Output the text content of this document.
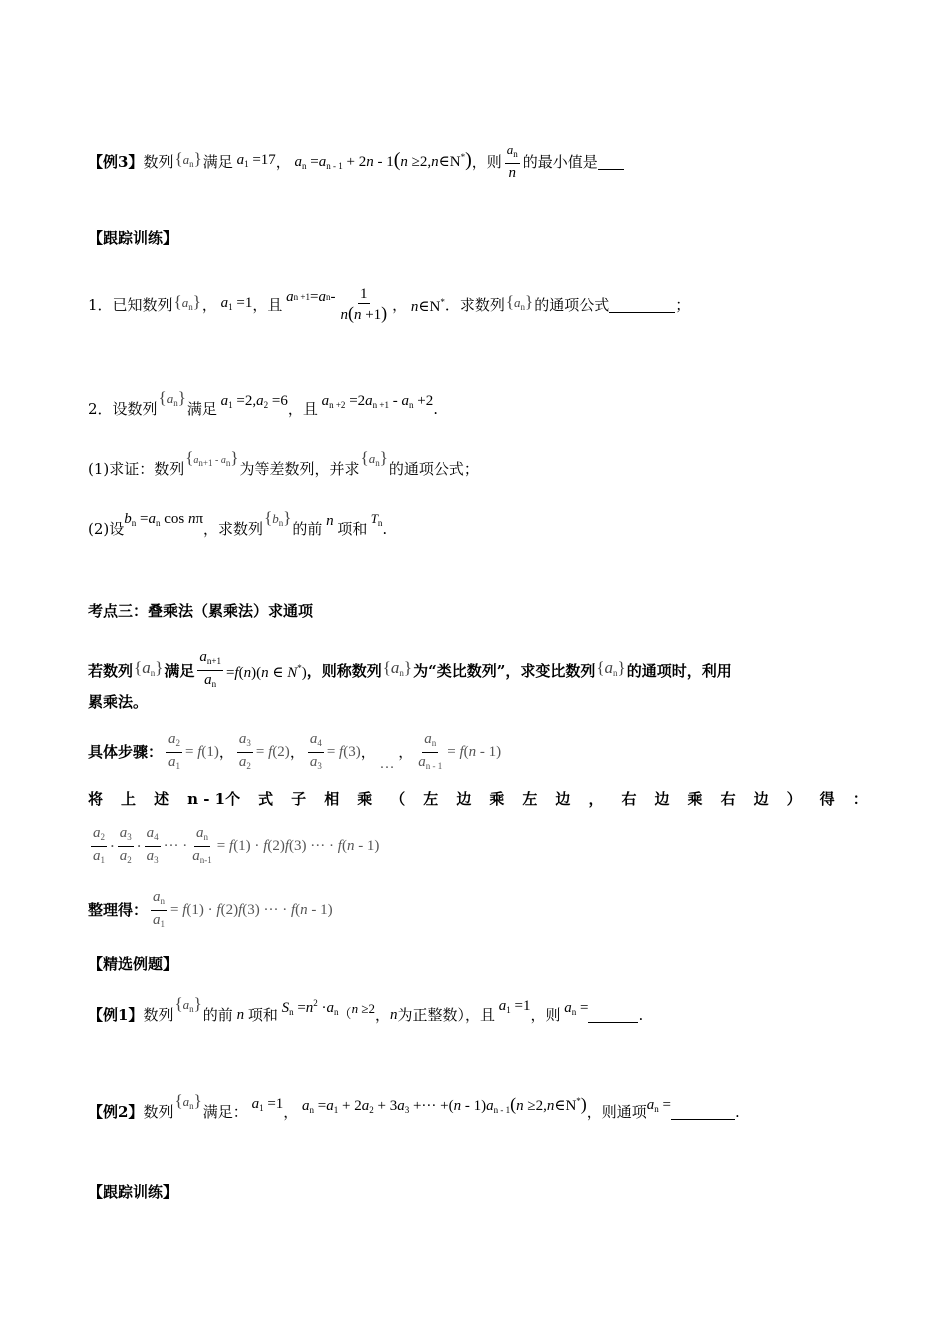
【例3】 数列 $\{a_n\}$ 满足 $a_1 =17$ ， $a_n =a_{n - 1} + 2n - 1(n$ ≥2,n∈N*) ，则 $\frac{a_n}{n}$ 的最小值是
【跟踪训练】
1．已知数列 $\{a_n\}$ ， $a_1 =1$ ，且 a n +1 = a n - $\frac{1}{n(n +1)}$ ， n∈N* ．求数列 $\{a_n\}$ 的通项公式	；
2．设数列
$\{a_n\}$
满足 $a_1 =2,a_2 =6$ ，且 $a_{n +2} =2a_{n +1} - a_n +2$ .
(1)求证：数列
$\{a_{n+1} - a_n\}$
为等差数列，并求
$\{a_n\}$
的通项公式；
(2)设
$b_n =a_n$ cos nπ
，求数列
$\{b_n\}$
的前 n 项和
$T_n$ .
考点三：叠乘法（累乘法）求通项
若数列 $\{a_n\}$ 满足 $\frac{a_{n+1}}{a_n} =f(n)(n$ ∈ N*) ，则称数列 $\{a_n\}$ 为“类比数列”，求变比数列 $\{a_n\}$ 的通项时，利用
累乘法。
具体步骤： $\frac{a_2}{a_1} = f(1)$ ， $\frac{a_3}{a_2} = f(2)$ ， $\frac{a_4}{a_3} = f(3)$ ，
…
， $\frac{a_n}{a_{n - 1}} = f(n - 1)$
将 上 述 n - 1个 式 子 相 乘 （ 左 边 乘 左 边 ， 右 边 乘 右 边 ） 得 ：
$\frac{a_2}{a_1} \cdot \frac{a_3}{a_2} \cdot \frac{a_4}{a_3}$ ··· · $\frac{a_n}{a_{n-1}} = f(1) \cdot f(2)f(3)$ ··· · f(n - 1)
整理得： $\frac{a_n}{a_1} = f(1) \cdot f(2)f(3)$ ··· · f(n - 1)
【精选例题】
【例1】 数列
$\{a_n\}$
的前 n 项和 $S_n =n^2 \cdot a_n$ （ n ≥2 ， n 为正整数），且 $a_1 =1$ ，则 $a_n$ =	.
【例2】 数列
$\{a_n\}$
满足： $a_1 =1$ ， $a_n =a_1 + 2a_2 + 3a_3$ +··· $+(n - 1)a_{n - 1}(n$ ≥2,n∈N*) ，则通项 $a_n$ =	.
【跟踪训练】
